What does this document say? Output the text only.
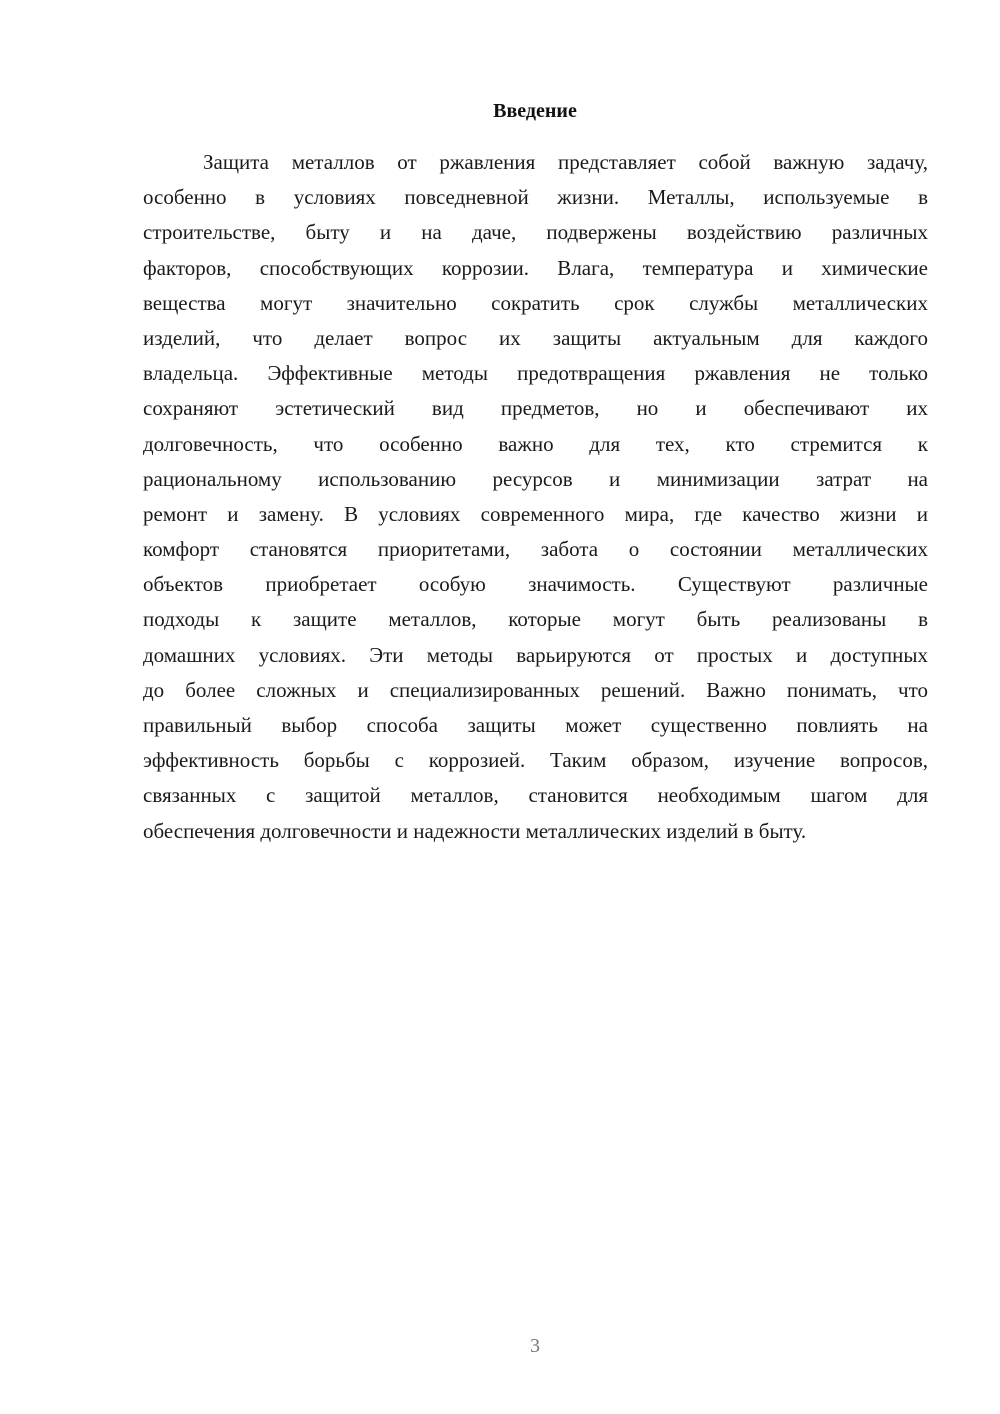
Введение
Защита металлов от ржавления представляет собой важную задачу,
особенно в условиях повседневной жизни. Металлы, используемые в
строительстве, быту и на даче, подвержены воздействию различных
факторов, способствующих коррозии. Влага, температура и химические
вещества могут значительно сократить срок службы металлических
изделий, что делает вопрос их защиты актуальным для каждого
владельца. Эффективные методы предотвращения ржавления не только
сохраняют эстетический вид предметов, но и обеспечивают их
долговечность, что особенно важно для тех, кто стремится к
рациональному использованию ресурсов и минимизации затрат на
ремонт и замену. В условиях современного мира, где качество жизни и
комфорт становятся приоритетами, забота о состоянии металлических
объектов приобретает особую значимость. Существуют различные
подходы к защите металлов, которые могут быть реализованы в
домашних условиях. Эти методы варьируются от простых и доступных
до более сложных и специализированных решений. Важно понимать, что
правильный выбор способа защиты может существенно повлиять на
эффективность борьбы с коррозией. Таким образом, изучение вопросов,
связанных с защитой металлов, становится необходимым шагом для
обеспечения долговечности и надежности металлических изделий в быту.
3
